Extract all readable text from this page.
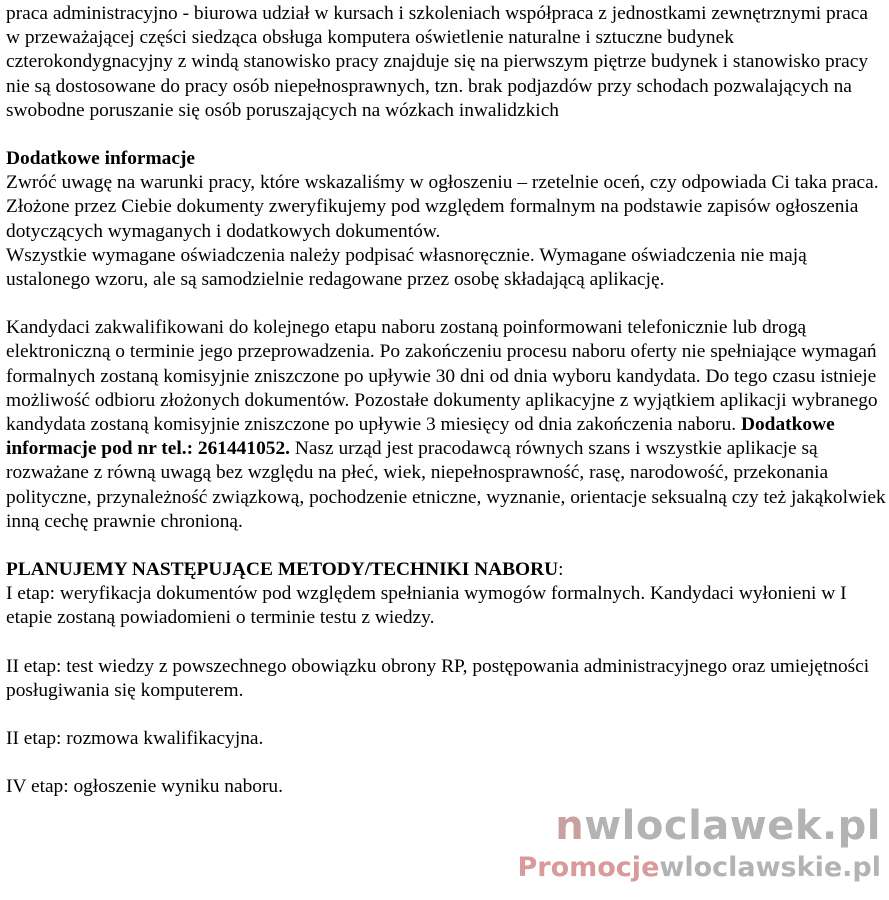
praca administracyjno - biurowa udział w kursach i szkoleniach współpraca z jednostkami zewnętrznymi praca w przeważającej części siedząca obsługa komputera oświetlenie naturalne i sztuczne budynek czterokondygnacyjny z windą stanowisko pracy znajduje się na pierwszym piętrze budynek i stanowisko pracy nie są dostosowane do pracy osób niepełnosprawnych, tzn. brak podjazdów przy schodach pozwalających na swobodne poruszanie się osób poruszających na wózkach inwalidzkich

Dodatkowe informacje

Zwróć uwagę na warunki pracy, które wskazaliśmy w ogłoszeniu – rzetelnie oceń, czy odpowiada Ci taka praca.

Złożone przez Ciebie dokumenty zweryfikujemy pod względem formalnym na podstawie zapisów ogłoszenia dotyczących wymaganych i dodatkowych dokumentów.

Wszystkie wymagane oświadczenia należy podpisać własnoręcznie. Wymagane oświadczenia nie mają ustalonego wzoru, ale są samodzielnie redagowane przez osobę składającą aplikację.

Kandydaci zakwalifikowani do kolejnego etapu naboru zostaną poinformowani telefonicznie lub drogą elektroniczną o terminie jego przeprowadzenia. Po zakończeniu procesu naboru oferty nie spełniające wymagań formalnych zostaną komisyjnie zniszczone po upływie 30 dni od dnia wyboru kandydata. Do tego czasu istnieje możliwość odbioru złożonych dokumentów. Pozostałe dokumenty aplikacyjne z wyjątkiem aplikacji wybranego kandydata zostaną komisyjnie zniszczone po upływie 3 miesięcy od dnia zakończenia naboru. Dodatkowe informacje pod nr tel.: 261441052. Nasz urząd jest pracodawcą równych szans i wszystkie aplikacje są rozważane z równą uwagą bez względu na płeć, wiek, niepełnosprawność, rasę, narodowość, przekonania polityczne, przynależność związkową, pochodzenie etniczne, wyznanie, orientacje seksualną czy też jakąkolwiek inną cechę prawnie chronioną.

PLANUJEMY NASTĘPUJĄCE METODY/TECHNIKI NABORU:

I etap: weryfikacja dokumentów pod względem spełniania wymogów formalnych. Kandydaci wyłonieni w I etapie zostaną powiadomieni o terminie testu z wiedzy.

II etap: test wiedzy z powszechnego obowiązku obrony RP, postępowania administracyjnego oraz umiejętności posługiwania się komputerem.

II etap: rozmowa kwalifikacyjna.

IV etap: ogłoszenie wyniku naboru.

nwloclawek.pl
Promocjewloclawskie.pl
